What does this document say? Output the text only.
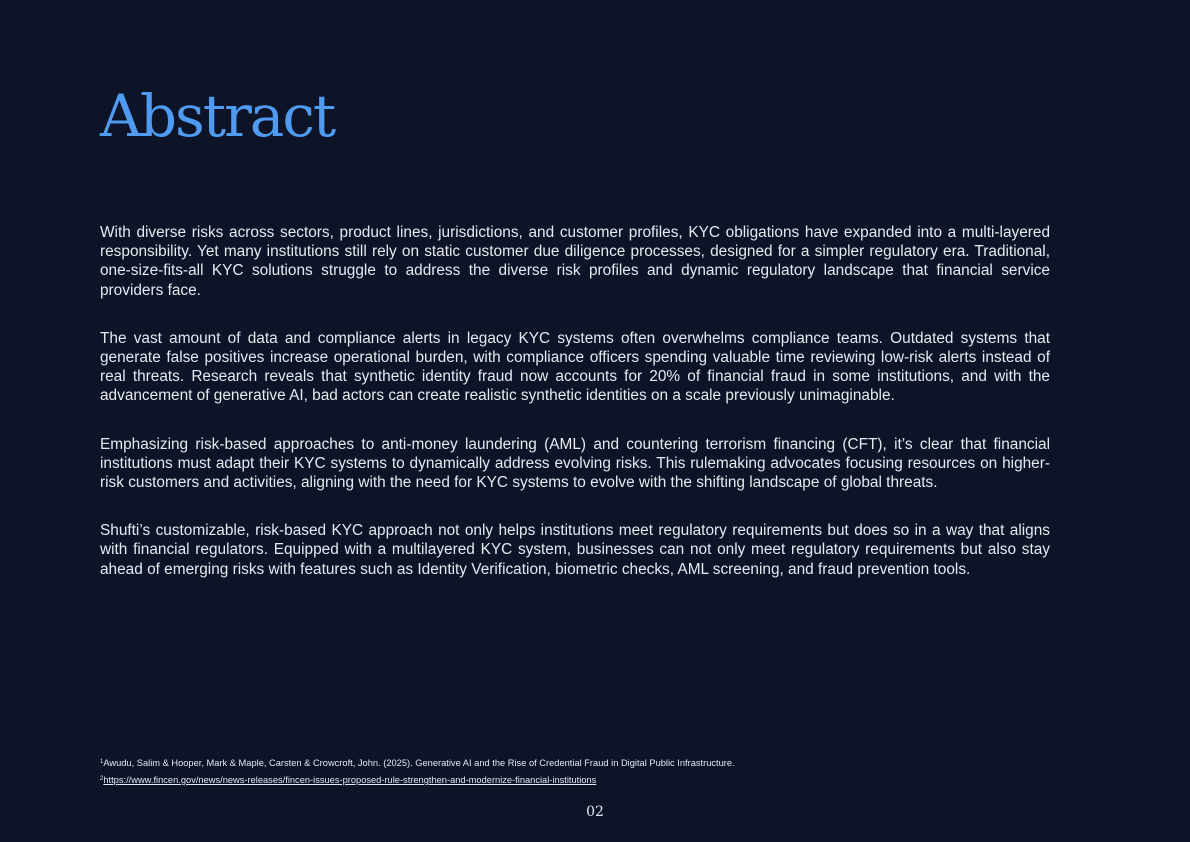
Abstract

With diverse risks across sectors, product lines, jurisdictions, and customer profiles, KYC obligations have expanded into a multi-layered responsibility. Yet many institutions still rely on static customer due diligence processes, designed for a simpler regulatory era. Traditional, one-size-fits-all KYC solutions struggle to address the diverse risk profiles and dynamic regulatory landscape that financial service providers face.

The vast amount of data and compliance alerts in legacy KYC systems often overwhelms compliance teams. Outdated systems that generate false positives increase operational burden, with compliance officers spending valuable time reviewing low-risk alerts instead of real threats. Research reveals that synthetic identity fraud now accounts for 20% of financial fraud in some institutions, and with the advancement of generative AI, bad actors can create realistic synthetic identities on a scale previously unimaginable.

Emphasizing risk-based approaches to anti-money laundering (AML) and countering terrorism financing (CFT), it’s clear that financial institutions must adapt their KYC systems to dynamically address evolving risks. This rulemaking advocates focusing resources on higher-risk customers and activities, aligning with the need for KYC systems to evolve with the shifting landscape of global threats.

Shufti’s customizable, risk-based KYC approach not only helps institutions meet regulatory requirements but does so in a way that aligns with financial regulators. Equipped with a multilayered KYC system, businesses can not only meet regulatory requirements but also stay ahead of emerging risks with features such as Identity Verification, biometric checks, AML screening, and fraud prevention tools.

$^1$Awudu, Salim & Hooper, Mark & Maple, Carsten & Crowcroft, John. (2025). Generative AI and the Rise of Credential Fraud in Digital Public Infrastructure.
$^2$https://www.fincen.gov/news/news-releases/fincen-issues-proposed-rule-strengthen-and-modernize-financial-institutions
02
